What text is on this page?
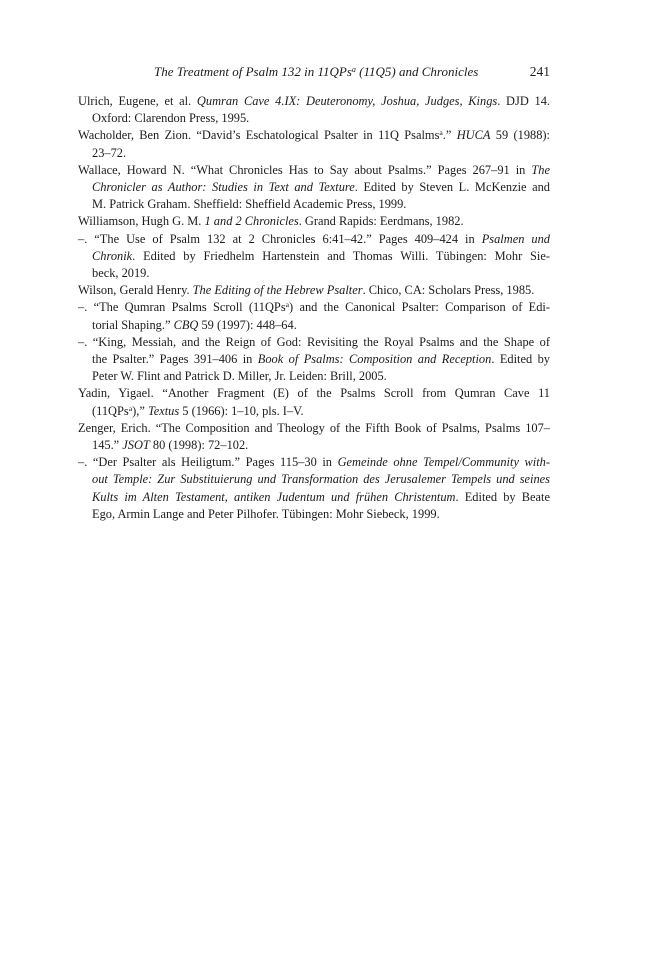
The Treatment of Psalm 132 in 11QPs$^a$ (11Q5) and Chronicles	241
Ulrich, Eugene, et al. Qumran Cave 4.IX: Deuteronomy, Joshua, Judges, Kings. DJD 14.
Oxford: Clarendon Press, 1995.
Wacholder, Ben Zion. “David’s Eschatological Psalter in 11Q Psalms$^a$.” HUCA 59 (1988):
23–72.
Wallace, Howard N. “What Chronicles Has to Say about Psalms.” Pages 267–91 in The
Chronicler as Author: Studies in Text and Texture. Edited by Steven L. McKenzie and
M. Patrick Graham. Sheffield: Sheffield Academic Press, 1999.
Williamson, Hugh G. M. 1 and 2 Chronicles. Grand Rapids: Eerdmans, 1982.
–. “The Use of Psalm 132 at 2 Chronicles 6:41–42.” Pages 409–424 in Psalmen und
Chronik. Edited by Friedhelm Hartenstein and Thomas Willi. Tübingen: Mohr Sie-
beck, 2019.
Wilson, Gerald Henry. The Editing of the Hebrew Psalter. Chico, CA: Scholars Press, 1985.
–. “The Qumran Psalms Scroll (11QPs$^a$) and the Canonical Psalter: Comparison of Edi-
torial Shaping.” CBQ 59 (1997): 448–64.
–. “King, Messiah, and the Reign of God: Revisiting the Royal Psalms and the Shape of
the Psalter.” Pages 391–406 in Book of Psalms: Composition and Reception. Edited by
Peter W. Flint and Patrick D. Miller, Jr. Leiden: Brill, 2005.
Yadin, Yigael. “Another Fragment (E) of the Psalms Scroll from Qumran Cave 11
(11QPs$^a$),” Textus 5 (1966): 1–10, pls. I–V.
Zenger, Erich. “The Composition and Theology of the Fifth Book of Psalms, Psalms 107–
145.” JSOT 80 (1998): 72–102.
–. “Der Psalter als Heiligtum.” Pages 115–30 in Gemeinde ohne Tempel/Community with-
out Temple: Zur Substituierung und Transformation des Jerusalemer Tempels und seines
Kults im Alten Testament, antiken Judentum und frühen Christentum. Edited by Beate
Ego, Armin Lange and Peter Pilhofer. Tübingen: Mohr Siebeck, 1999.
